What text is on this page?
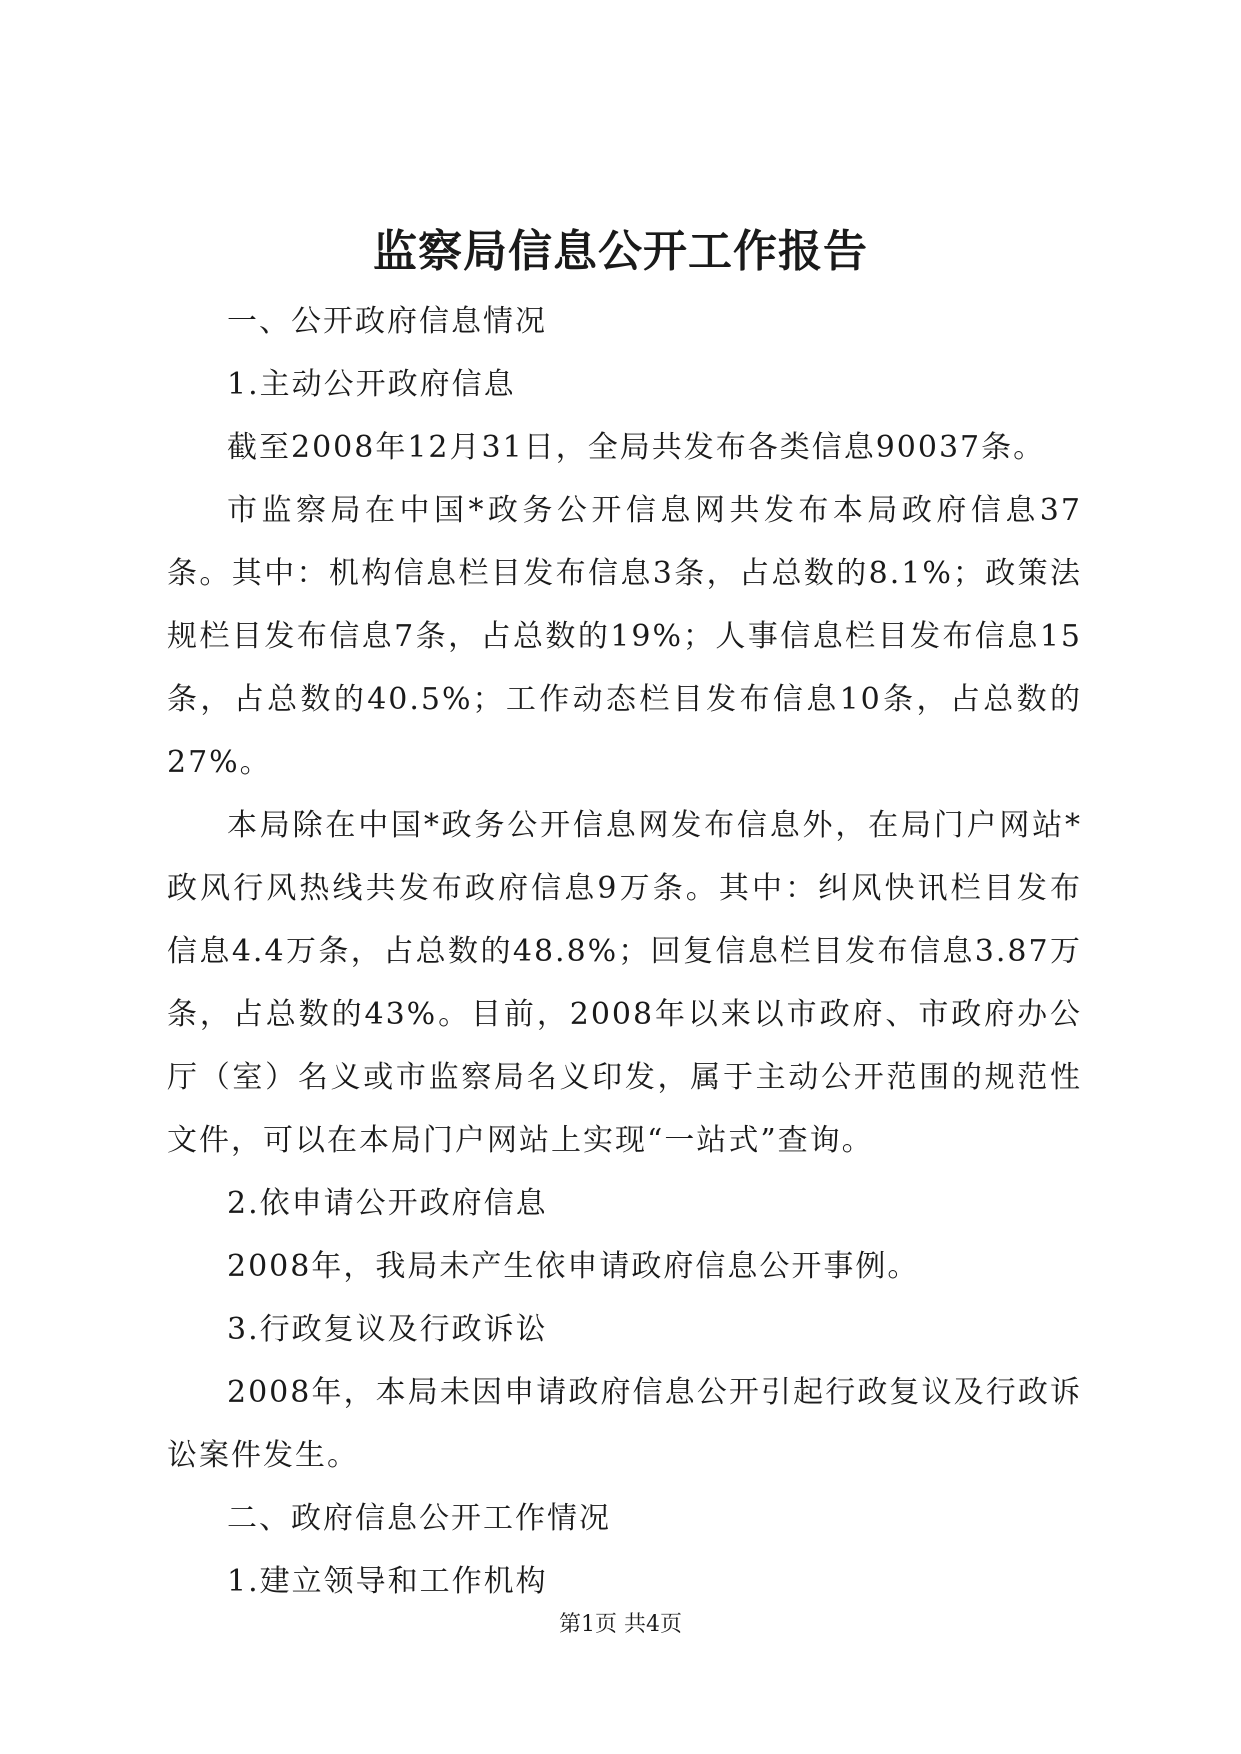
监察局信息公开工作报告

一、公开政府信息情况

1.主动公开政府信息

截至2008年12月31日，全局共发布各类信息90037条。

市监察局在中国*政务公开信息网共发布本局政府信息37条。其中：机构信息栏目发布信息3条，占总数的8.1%；政策法规栏目发布信息7条，占总数的19%；人事信息栏目发布信息15条，占总数的40.5%；工作动态栏目发布信息10条，占总数的27%。

本局除在中国*政务公开信息网发布信息外，在局门户网站*政风行风热线共发布政府信息9万条。其中：纠风快讯栏目发布信息4.4万条，占总数的48.8%；回复信息栏目发布信息3.87万条，占总数的43%。目前，2008年以来以市政府、市政府办公厅（室）名义或市监察局名义印发，属于主动公开范围的规范性文件，可以在本局门户网站上实现“一站式”查询。

2.依申请公开政府信息

2008年，我局未产生依申请政府信息公开事例。

3.行政复议及行政诉讼

2008年，本局未因申请政府信息公开引起行政复议及行政诉讼案件发生。

二、政府信息公开工作情况

1.建立领导和工作机构

第1页 共4页
